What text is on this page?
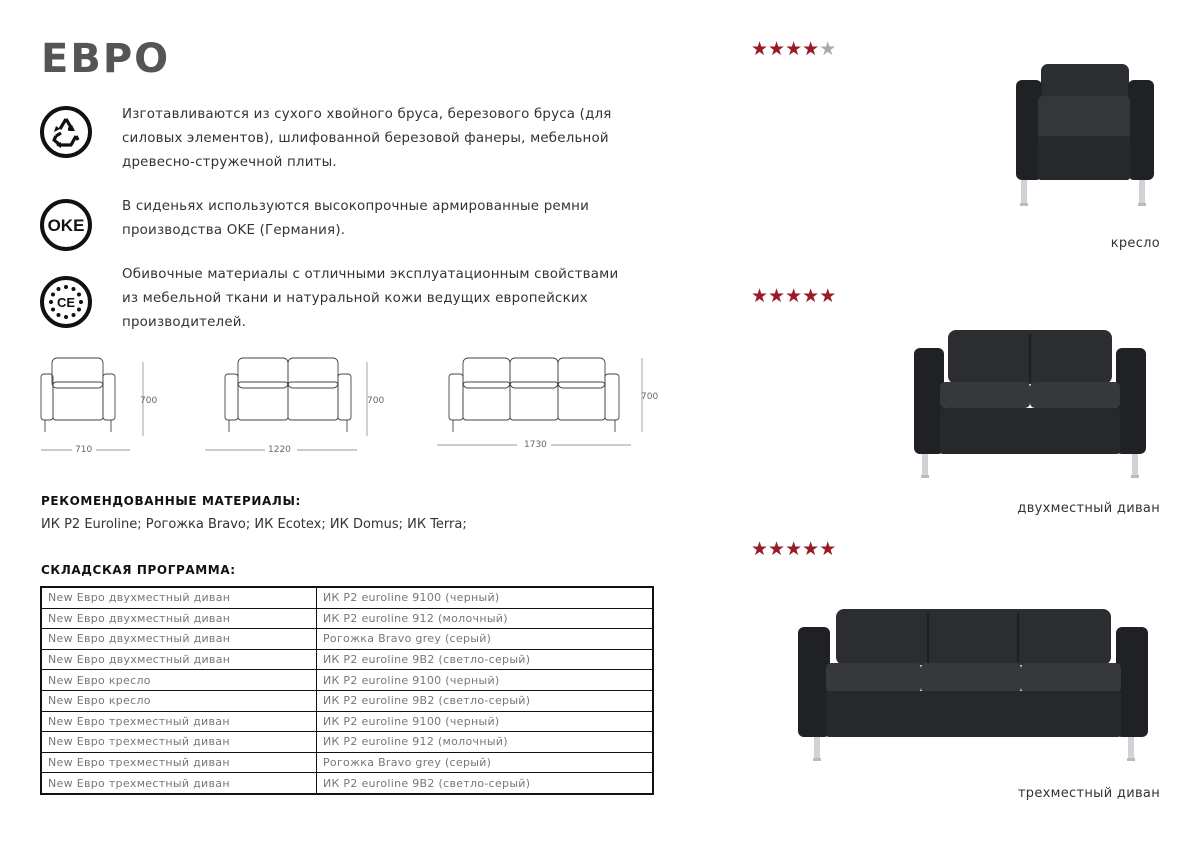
ЕВРО
Изготавливаются из сухого хвойного бруса, березового бруса (для силовых элементов), шлифованной березовой фанеры, мебельной древесно-стружечной плиты.
OKE
В сиденьях используются высокопрочные армированные ремни производства OKE (Германия).
CE
Обивочные материалы с отличными эксплуатационным свойствами из мебельной ткани и натуральной кожи ведущих европейских производителей.
700
710
700
1220
700
1730
РЕКОМЕНДОВАННЫЕ МАТЕРИАЛЫ:
ИК Р2 Euroline; Рогожка Bravo; ИК Ecotex; ИК Domus; ИК Terra;
СКЛАДСКАЯ ПРОГРАММА:
New Евро двухместный диван	ИК Р2 euroline 9100 (черный)
New Евро двухместный диван	ИК Р2 euroline 912 (молочный)
New Евро двухместный диван	Рогожка Bravo grey (серый)
New Евро двухместный диван	ИК Р2 euroline 9В2 (светло-серый)
New Евро кресло	ИК Р2 euroline 9100 (черный)
New Евро кресло	ИК Р2 euroline 9В2 (светло-серый)
New Евро трехместный диван	ИК Р2 euroline 9100 (черный)
New Евро трехместный диван	ИК Р2 euroline 912 (молочный)
New Евро трехместный диван	Рогожка Bravo grey (серый)
New Евро трехместный диван	ИК Р2 euroline 9В2 (светло-серый)
★★★★★
кресло
★★★★★
двухместный диван
★★★★★
трехместный диван
